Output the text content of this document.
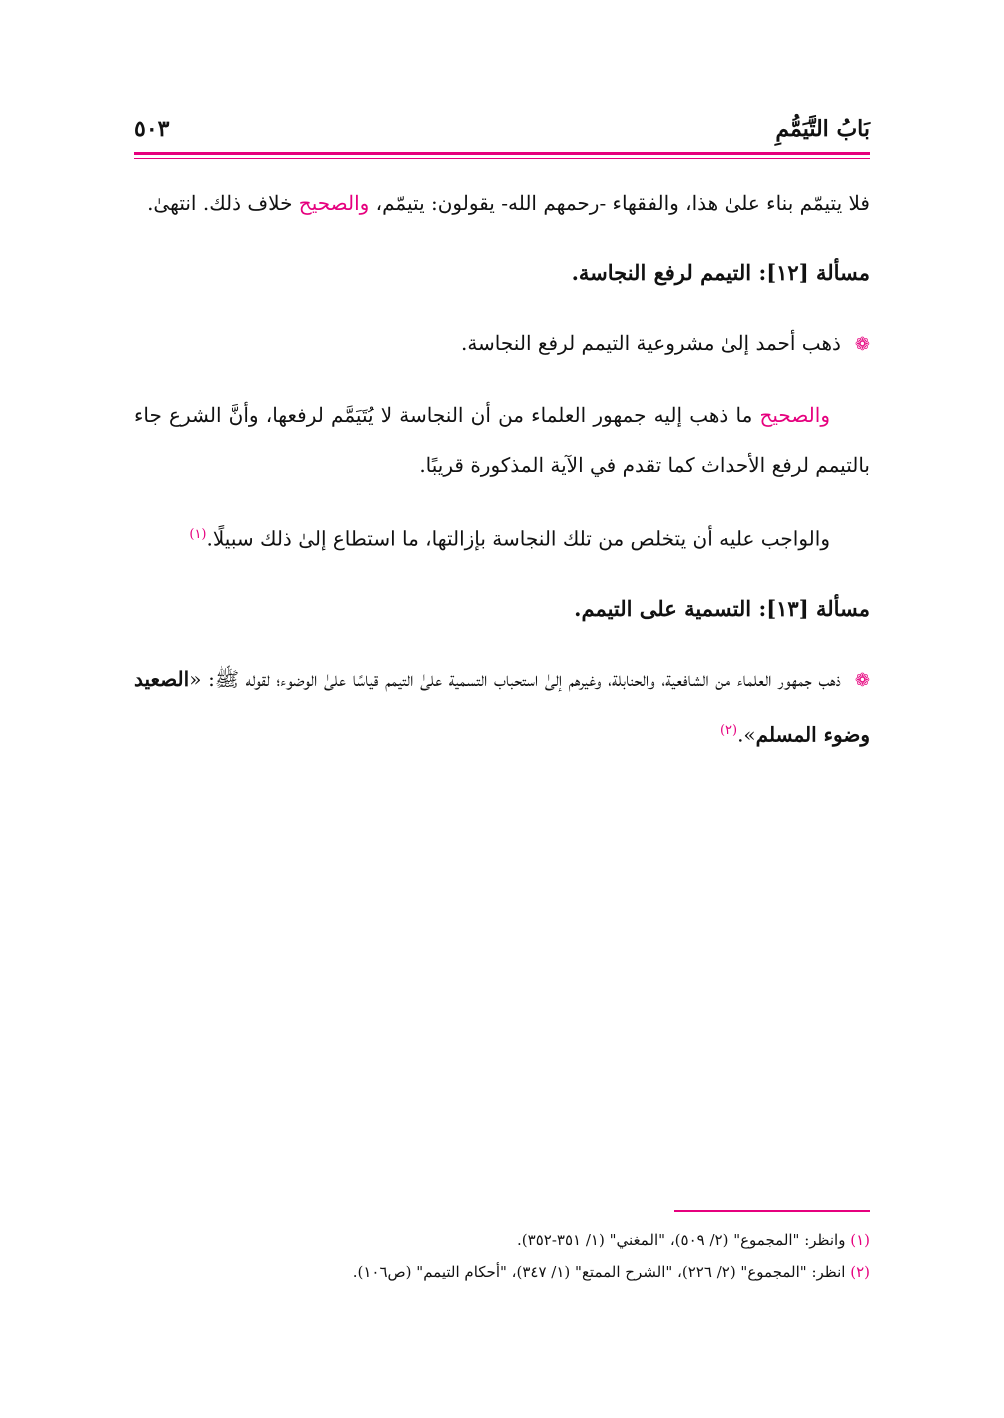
بَابُ التَّيَمُّمِ
٥٠٣

فلا يتيمّم بناء علىٰ هذا، والفقهاء -رحمهم الله- يقولون: يتيمّم، والصحيح خلاف ذلك. انتهىٰ.

مسألة [١٢]: التيمم لرفع النجاسة.

❁ذهب أحمد إلىٰ مشروعية التيمم لرفع النجاسة.

والصحيح ما ذهب إليه جمهور العلماء من أن النجاسة لا يُتَيَمَّم لرفعها، وأنَّ الشرع جاء بالتيمم لرفع الأحداث كما تقدم في الآية المذكورة قريبًا.

والواجب عليه أن يتخلص من تلك النجاسة بإزالتها، ما استطاع إلىٰ ذلك سبيلًا.$^{(١)}$

مسألة [١٣]: التسمية على التيمم.

❁ذهب جمهور العلماء من الشافعية، والحنابلة، وغيرهم إلىٰ استحباب التسمية علىٰ التيمم قياسًا علىٰ الوضوء؛ لقوله ﷺ: «الصعيد وضوء المسلم».$^{(٢)}$

(١) وانظر: "المجموع" (٢/ ٥٠٩)، "المغني" (١/ ٣٥١-٣٥٢).
(٢) انظر: "المجموع" (٢/ ٢٢٦)، "الشرح الممتع" (١/ ٣٤٧)، "أحكام التيمم" (ص١٠٦).
